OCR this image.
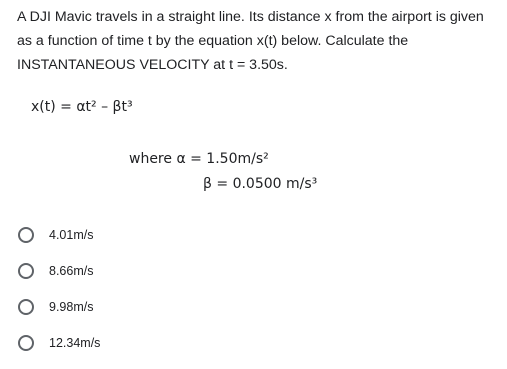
A DJI Mavic travels in a straight line. Its distance x from the airport is given as a function of time t by the equation x(t) below. Calculate the INSTANTANEOUS VELOCITY at t = 3.50s.

x(t) = αt² – βt³
where α = 1.50m/s²
β = 0.0500 m/s³
4.01m/s
8.66m/s
9.98m/s
12.34m/s
